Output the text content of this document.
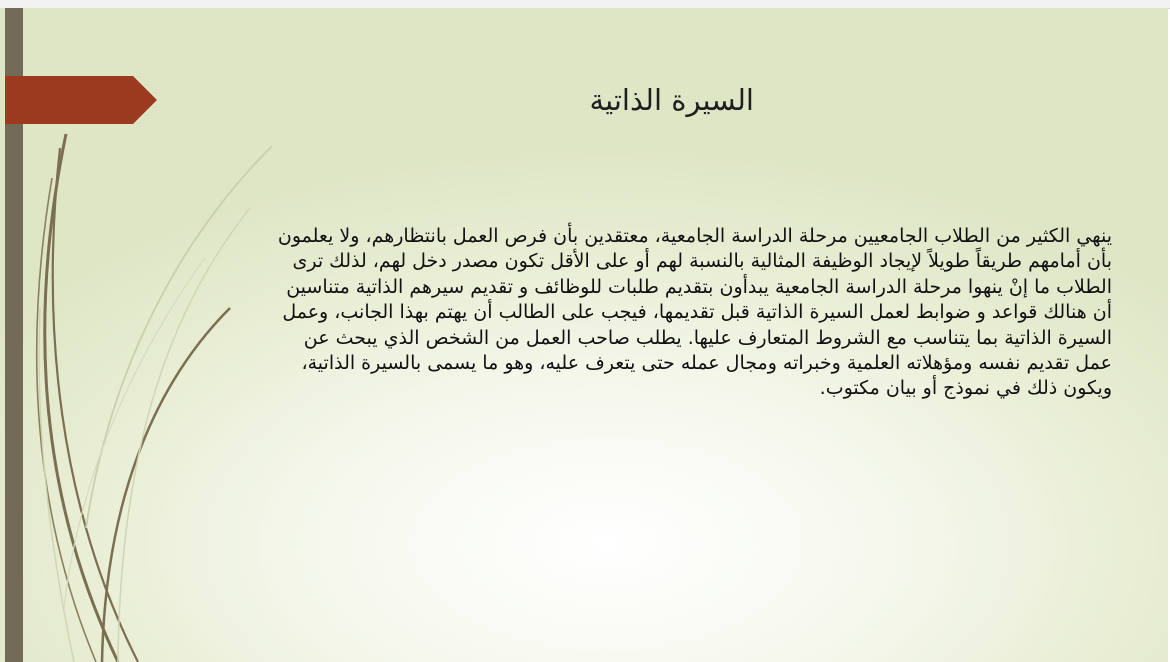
السيرة الذاتية

ينهي الكثير من الطلاب الجامعيين مرحلة الدراسة الجامعية، معتقدين بأن فرص العمل بانتظارهم، ولا يعلمون بأن أمامهم طريقاً طويلاً لإيجاد الوظيفة المثالية بالنسبة لهم أو على الأقل تكون مصدر دخل لهم، لذلك ترى الطلاب ما إنْ ينهوا مرحلة الدراسة الجامعية يبدأون بتقديم طلبات للوظائف و تقديم سيرهم الذاتية متناسين أن هنالك قواعد و ضوابط لعمل السيرة الذاتية قبل تقديمها، فيجب على الطالب أن يهتم بهذا الجانب، وعمل السيرة الذاتية بما يتناسب مع الشروط المتعارف عليها. يطلب صاحب العمل من الشخص الذي يبحث عن عمل تقديم نفسه ومؤهلاته العلمية وخبراته ومجال عمله حتى يتعرف عليه، وهو ما يسمى بالسيرة الذاتية، ويكون ذلك في نموذج أو بيان مكتوب.
